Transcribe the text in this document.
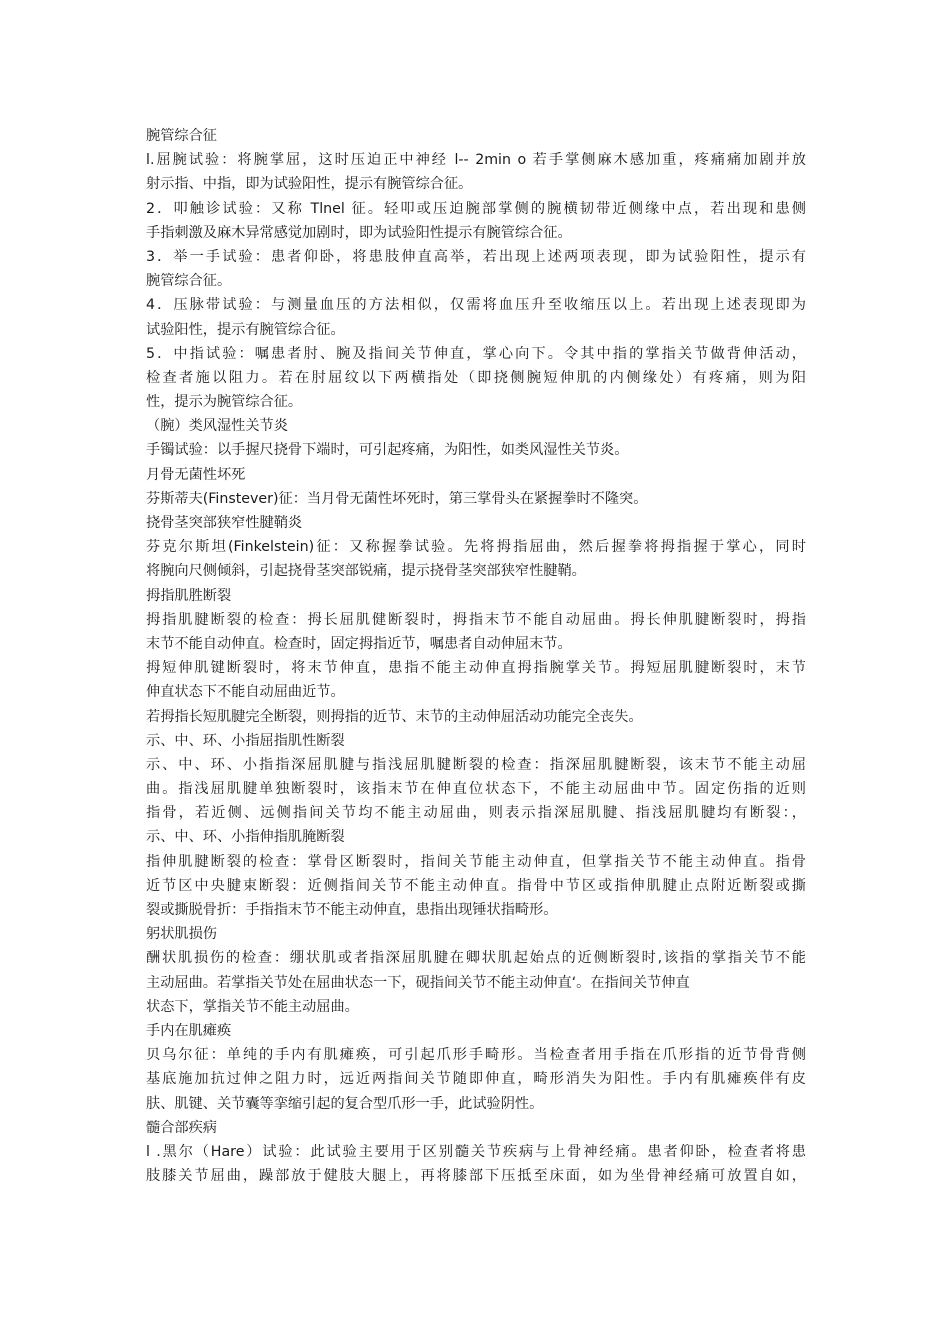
腕管综合征
l.屈腕试验：将腕掌屈，这时压迫正中神经 l-- 2min o 若手掌侧麻木感加重，疼痛痛加剧并放
射示指、中指，即为试验阳性，提示有腕管综合征。
2．叩触诊试验：又称 Tlnel 征。轻叩或压迫腕部掌侧的腕横韧带近侧缘中点，若出现和患侧
手指刺激及麻木异常感觉加剧时，即为试验阳性提示有腕管综合征。
3．举一手试验：患者仰卧，将患肢伸直高举，若出现上述两项表现，即为试验阳性，提示有
腕管综合征。
4．压脉带试验：与测量血压的方法相似，仅需将血压升至收缩压以上。若出现上述表现即为
试验阳性，提示有腕管综合征。
5．中指试验：嘱患者肘、腕及指间关节伸直，掌心向下。令其中指的掌指关节做背伸活动，
检查者施以阻力。若在肘屈纹以下两横指处（即挠侧腕短伸肌的内侧缘处）有疼痛，则为阳
性，提示为腕管综合征。
（腕）类风湿性关节炎
手镯试验：以手握尺挠骨下端时，可引起疼痛，为阳性，如类风湿性关节炎。
月骨无菌性坏死
芬斯蒂夫(Finstever)征：当月骨无菌性坏死时，第三掌骨头在紧握拳时不隆突。
挠骨茎突部狭窄性腱鞘炎
芬克尔斯坦(Finkelstein)征：又称握拳试验。先将拇指屈曲，然后握拳将拇指握于掌心，同时
将腕向尺侧倾斜，引起挠骨茎突部锐痛，提示挠骨茎突部狭窄性腱鞘。
拇指肌胜断裂
拇指肌腱断裂的检查：拇长屈肌健断裂时，拇指末节不能自动屈曲。拇长伸肌腱断裂时，拇指
末节不能自动伸直。检查时，固定拇指近节，嘱患者自动伸屈末节。
拇短伸肌键断裂时，将末节伸直，患指不能主动伸直拇指腕掌关节。拇短屈肌腱断裂时，末节
伸直状态下不能自动屈曲近节。
若拇指长短肌腱完全断裂，则拇指的近节、末节的主动伸屈活动功能完全丧失。
示、中、环、小指屈指肌性断裂
示、中、环、小指指深屈肌腱与指浅屈肌腱断裂的检查：指深屈肌腱断裂，该末节不能主动屈
曲。指浅屈肌腱单独断裂时，该指末节在伸直位状态下，不能主动屈曲中节。固定伤指的近则
指骨，若近侧、远侧指间关节均不能主动屈曲，则表示指深屈肌腱、指浅屈肌腱均有断裂：，
示、中、环、小指伸指肌腌断裂
指伸肌腱断裂的检查：掌骨区断裂时，指间关节能主动伸直，但掌指关节不能主动伸直。指骨
近节区中央腱束断裂：近侧指间关节不能主动伸直。指骨中节区或指伸肌腱止点附近断裂或撕
裂或撕脱骨折：手指指末节不能主动伸直，患指出现锤状指畸形。
躬状肌损伤
酬状肌损伤的检查：绷状肌或者指深屈肌腱在卿状肌起始点的近侧断裂时,该指的掌指关节不能
主动屈曲。若掌指关节处在屈曲状态一下，砚指间关节不能主动伸直‘。在指间关节伸直
状态下，掌指关节不能主动屈曲。
手内在肌瘫痪
贝乌尔征：单纯的手内有肌瘫痪，可引起爪形手畸形。当检查者用手指在爪形指的近节骨背侧
基底施加抗过伸之阻力时，远近两指间关节随即伸直，畸形消失为阳性。手内有肌瘫痪伴有皮
肤、肌键、关节囊等挛缩引起的复合型爪形一手，此试验阴性。
髓合部疾病
l .黑尔（Hare）试验：此试验主要用于区别髓关节疾病与上骨神经痛。患者仰卧，检查者将患
肢膝关节屈曲，躁部放于健肢大腿上，再将膝部下压抵至床面，如为坐骨神经痛可放置自如，
